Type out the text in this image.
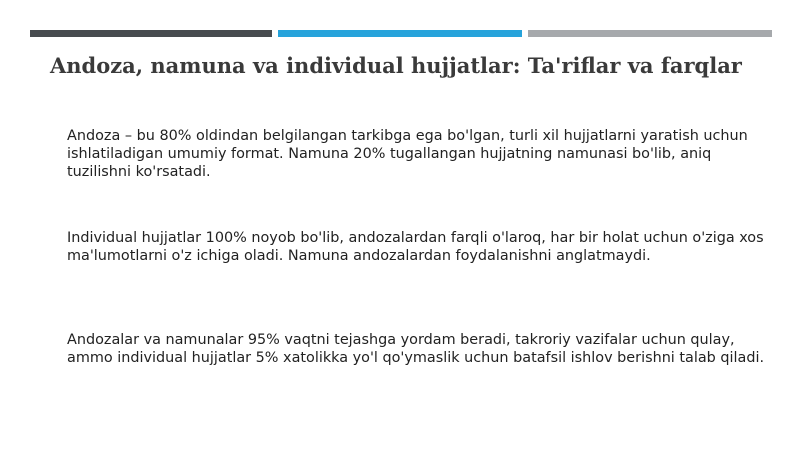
Andoza, namuna va individual hujjatlar: Ta'riflar va farqlar

Andoza – bu 80% oldindan belgilangan tarkibga ega bo'lgan, turli xil hujjatlarni yaratish uchun ishlatiladigan umumiy format. Namuna 20% tugallangan hujjatning namunasi bo'lib, aniq tuzilishni ko'rsatadi.

Individual hujjatlar 100% noyob bo'lib, andozalardan farqli o'laroq, har bir holat uchun o'ziga xos ma'lumotlarni o'z ichiga oladi. Namuna andozalardan foydalanishni anglatmaydi.

Andozalar va namunalar 95% vaqtni tejashga yordam beradi, takroriy vazifalar uchun qulay, ammo individual hujjatlar 5% xatolikka yo'l qo'ymaslik uchun batafsil ishlov berishni talab qiladi.
